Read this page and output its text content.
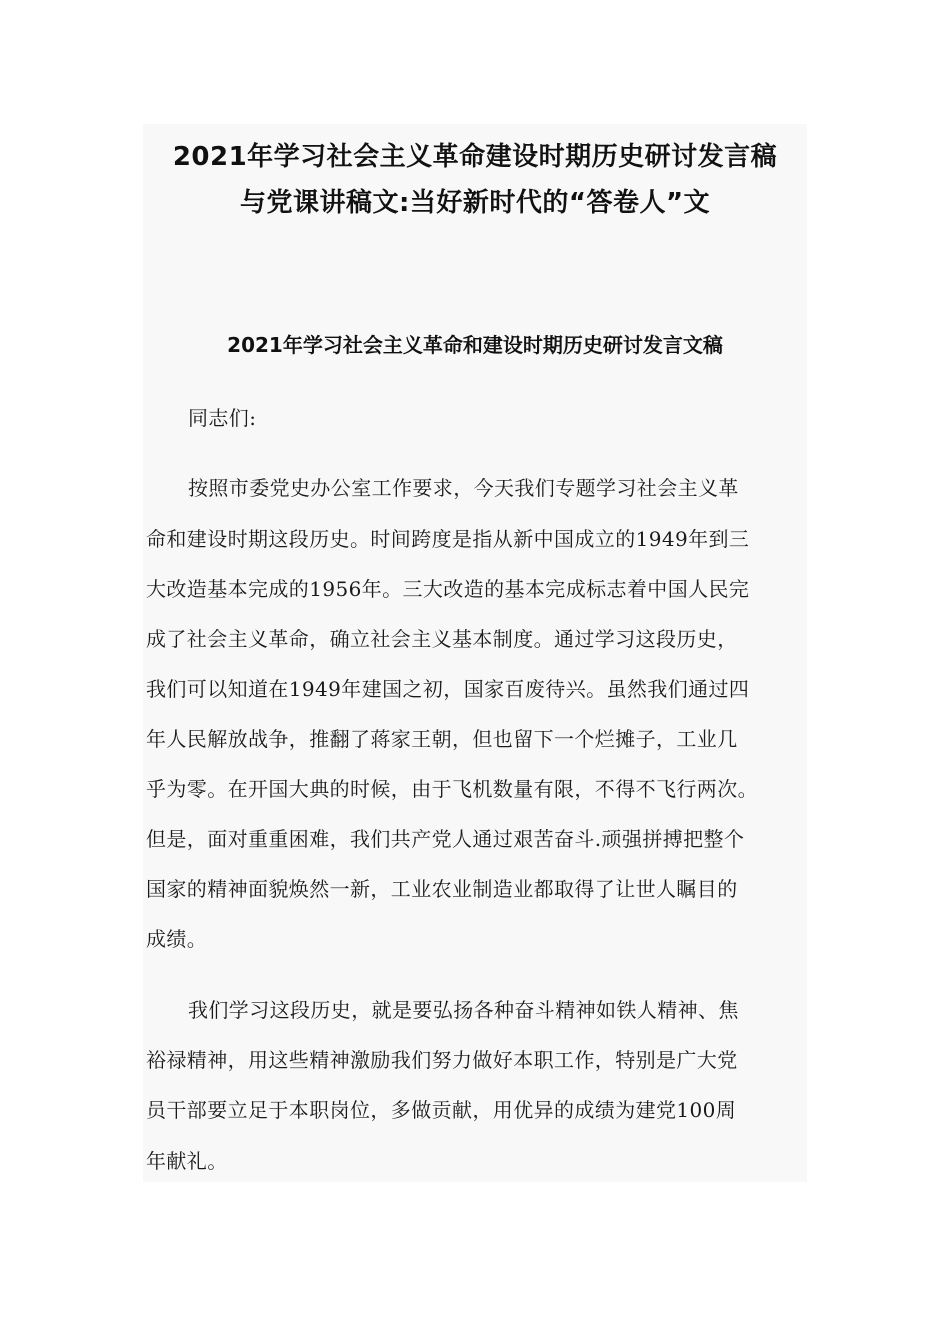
2021年学习社会主义革命建设时期历史研讨发言稿
与党课讲稿文:当好新时代的“答卷人”文
2021年学习社会主义革命和建设时期历史研讨发言文稿
同志们:
按照市委党史办公室工作要求，今天我们专题学习社会主义革
命和建设时期这段历史。时间跨度是指从新中国成立的1949年到三
大改造基本完成的1956年。三大改造的基本完成标志着中国人民完
成了社会主义革命，确立社会主义基本制度。通过学习这段历史，
我们可以知道在1949年建国之初，国家百废待兴。虽然我们通过四
年人民解放战争，推翻了蒋家王朝，但也留下一个烂摊子，工业几
乎为零。在开国大典的时候，由于飞机数量有限，不得不飞行两次。
但是，面对重重困难，我们共产党人通过艰苦奋斗.顽强拼搏把整个
国家的精神面貌焕然一新，工业农业制造业都取得了让世人瞩目的
成绩。
我们学习这段历史，就是要弘扬各种奋斗精神如铁人精神、焦
裕禄精神，用这些精神激励我们努力做好本职工作，特别是广大党
员干部要立足于本职岗位，多做贡献，用优异的成绩为建党100周
年献礼。
